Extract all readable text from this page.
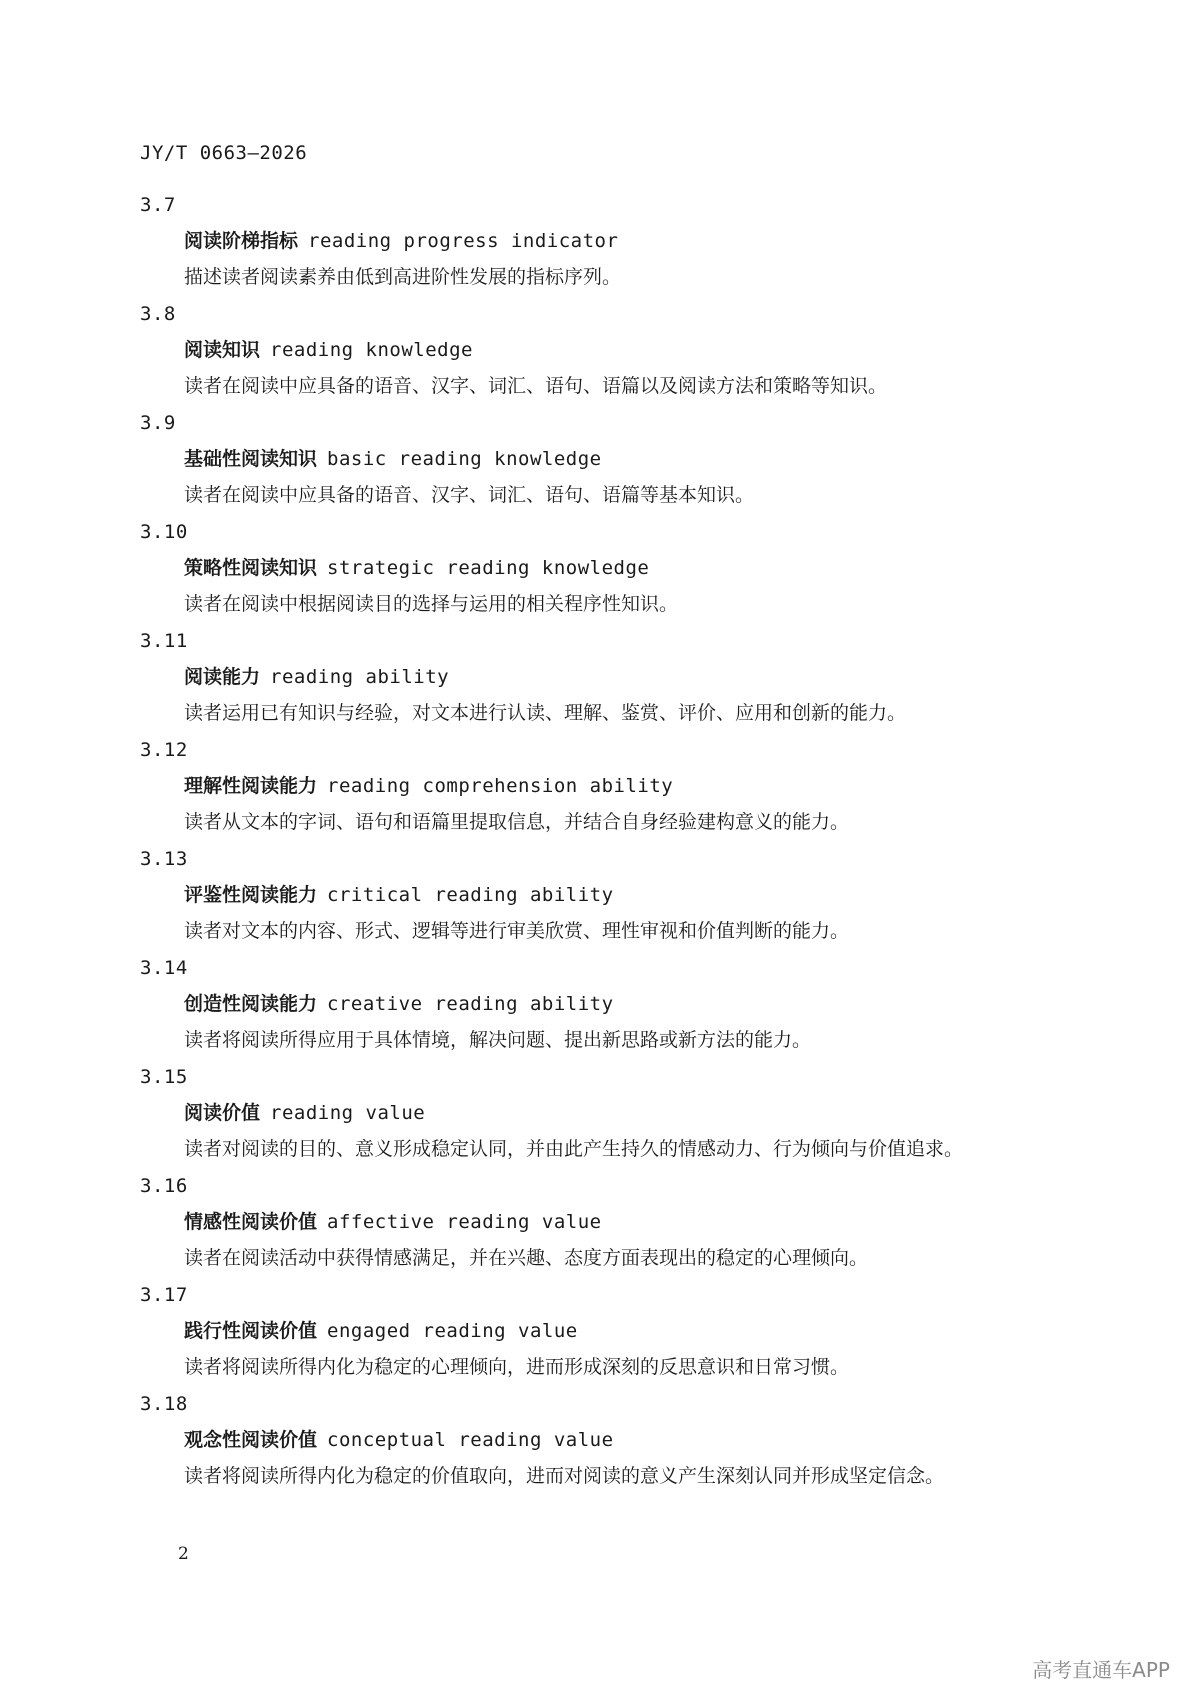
JY/T 0663—2026
3.7
阅读阶梯指标 reading progress indicator
描述读者阅读素养由低到高进阶性发展的指标序列。
3.8
阅读知识 reading knowledge
读者在阅读中应具备的语音、汉字、词汇、语句、语篇以及阅读方法和策略等知识。
3.9
基础性阅读知识 basic reading knowledge
读者在阅读中应具备的语音、汉字、词汇、语句、语篇等基本知识。
3.10
策略性阅读知识 strategic reading knowledge
读者在阅读中根据阅读目的选择与运用的相关程序性知识。
3.11
阅读能力 reading ability
读者运用已有知识与经验，对文本进行认读、理解、鉴赏、评价、应用和创新的能力。
3.12
理解性阅读能力 reading comprehension ability
读者从文本的字词、语句和语篇里提取信息，并结合自身经验建构意义的能力。
3.13
评鉴性阅读能力 critical reading ability
读者对文本的内容、形式、逻辑等进行审美欣赏、理性审视和价值判断的能力。
3.14
创造性阅读能力 creative reading ability
读者将阅读所得应用于具体情境，解决问题、提出新思路或新方法的能力。
3.15
阅读价值 reading value
读者对阅读的目的、意义形成稳定认同，并由此产生持久的情感动力、行为倾向与价值追求。
3.16
情感性阅读价值 affective reading value
读者在阅读活动中获得情感满足，并在兴趣、态度方面表现出的稳定的心理倾向。
3.17
践行性阅读价值 engaged reading value
读者将阅读所得内化为稳定的心理倾向，进而形成深刻的反思意识和日常习惯。
3.18
观念性阅读价值 conceptual reading value
读者将阅读所得内化为稳定的价值取向，进而对阅读的意义产生深刻认同并形成坚定信念。
2
高考直通车APP
